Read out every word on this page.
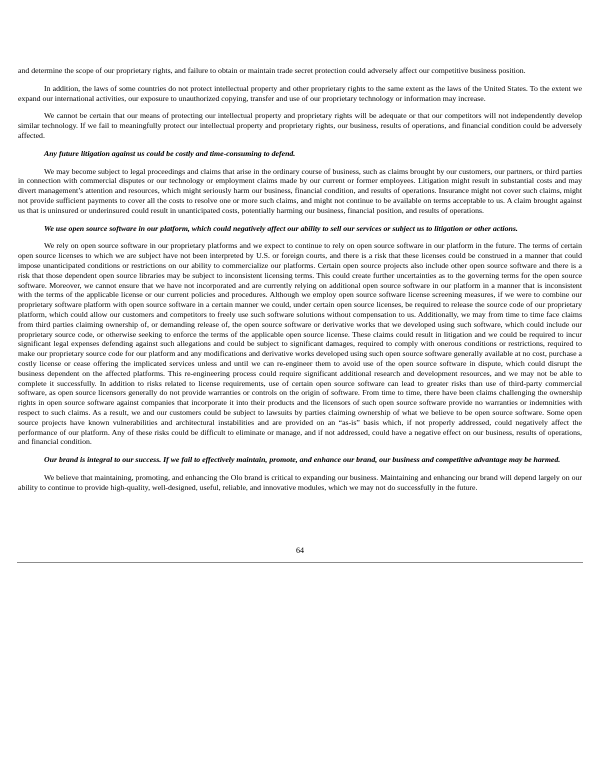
and determine the scope of our proprietary rights, and failure to obtain or maintain trade secret protection could adversely affect our competitive business position.

In addition, the laws of some countries do not protect intellectual property and other proprietary rights to the same extent as the laws of the United States. To the extent we expand our international activities, our exposure to unauthorized copying, transfer and use of our proprietary technology or information may increase.

We cannot be certain that our means of protecting our intellectual property and proprietary rights will be adequate or that our competitors will not independently develop similar technology. If we fail to meaningfully protect our intellectual property and proprietary rights, our business, results of operations, and financial condition could be adversely affected.

Any future litigation against us could be costly and time-consuming to defend.

We may become subject to legal proceedings and claims that arise in the ordinary course of business, such as claims brought by our customers, our partners, or third parties in connection with commercial disputes or our technology or employment claims made by our current or former employees. Litigation might result in substantial costs and may divert management’s attention and resources, which might seriously harm our business, financial condition, and results of operations. Insurance might not cover such claims, might not provide sufficient payments to cover all the costs to resolve one or more such claims, and might not continue to be available on terms acceptable to us. A claim brought against us that is uninsured or underinsured could result in unanticipated costs, potentially harming our business, financial position, and results of operations.

We use open source software in our platform, which could negatively affect our ability to sell our services or subject us to litigation or other actions.

We rely on open source software in our proprietary platforms and we expect to continue to rely on open source software in our platform in the future. The terms of certain open source licenses to which we are subject have not been interpreted by U.S. or foreign courts, and there is a risk that these licenses could be construed in a manner that could impose unanticipated conditions or restrictions on our ability to commercialize our platforms. Certain open source projects also include other open source software and there is a risk that those dependent open source libraries may be subject to inconsistent licensing terms. This could create further uncertainties as to the governing terms for the open source software. Moreover, we cannot ensure that we have not incorporated and are currently relying on additional open source software in our platform in a manner that is inconsistent with the terms of the applicable license or our current policies and procedures. Although we employ open source software license screening measures, if we were to combine our proprietary software platform with open source software in a certain manner we could, under certain open source licenses, be required to release the source code of our proprietary platform, which could allow our customers and competitors to freely use such software solutions without compensation to us. Additionally, we may from time to time face claims from third parties claiming ownership of, or demanding release of, the open source software or derivative works that we developed using such software, which could include our proprietary source code, or otherwise seeking to enforce the terms of the applicable open source license. These claims could result in litigation and we could be required to incur significant legal expenses defending against such allegations and could be subject to significant damages, required to comply with onerous conditions or restrictions, required to make our proprietary source code for our platform and any modifications and derivative works developed using such open source software generally available at no cost, purchase a costly license or cease offering the implicated services unless and until we can re-engineer them to avoid use of the open source software in dispute, which could disrupt the business dependent on the affected platforms. This re-engineering process could require significant additional research and development resources, and we may not be able to complete it successfully. In addition to risks related to license requirements, use of certain open source software can lead to greater risks than use of third-party commercial software, as open source licensors generally do not provide warranties or controls on the origin of software. From time to time, there have been claims challenging the ownership rights in open source software against companies that incorporate it into their products and the licensors of such open source software provide no warranties or indemnities with respect to such claims. As a result, we and our customers could be subject to lawsuits by parties claiming ownership of what we believe to be open source software. Some open source projects have known vulnerabilities and architectural instabilities and are provided on an “as-is” basis which, if not properly addressed, could negatively affect the performance of our platform. Any of these risks could be difficult to eliminate or manage, and if not addressed, could have a negative effect on our business, results of operations, and financial condition.

Our brand is integral to our success. If we fail to effectively maintain, promote, and enhance our brand, our business and competitive advantage may be harmed.

We believe that maintaining, promoting, and enhancing the Olo brand is critical to expanding our business. Maintaining and enhancing our brand will depend largely on our ability to continue to provide high-quality, well-designed, useful, reliable, and innovative modules, which we may not do successfully in the future.

64
